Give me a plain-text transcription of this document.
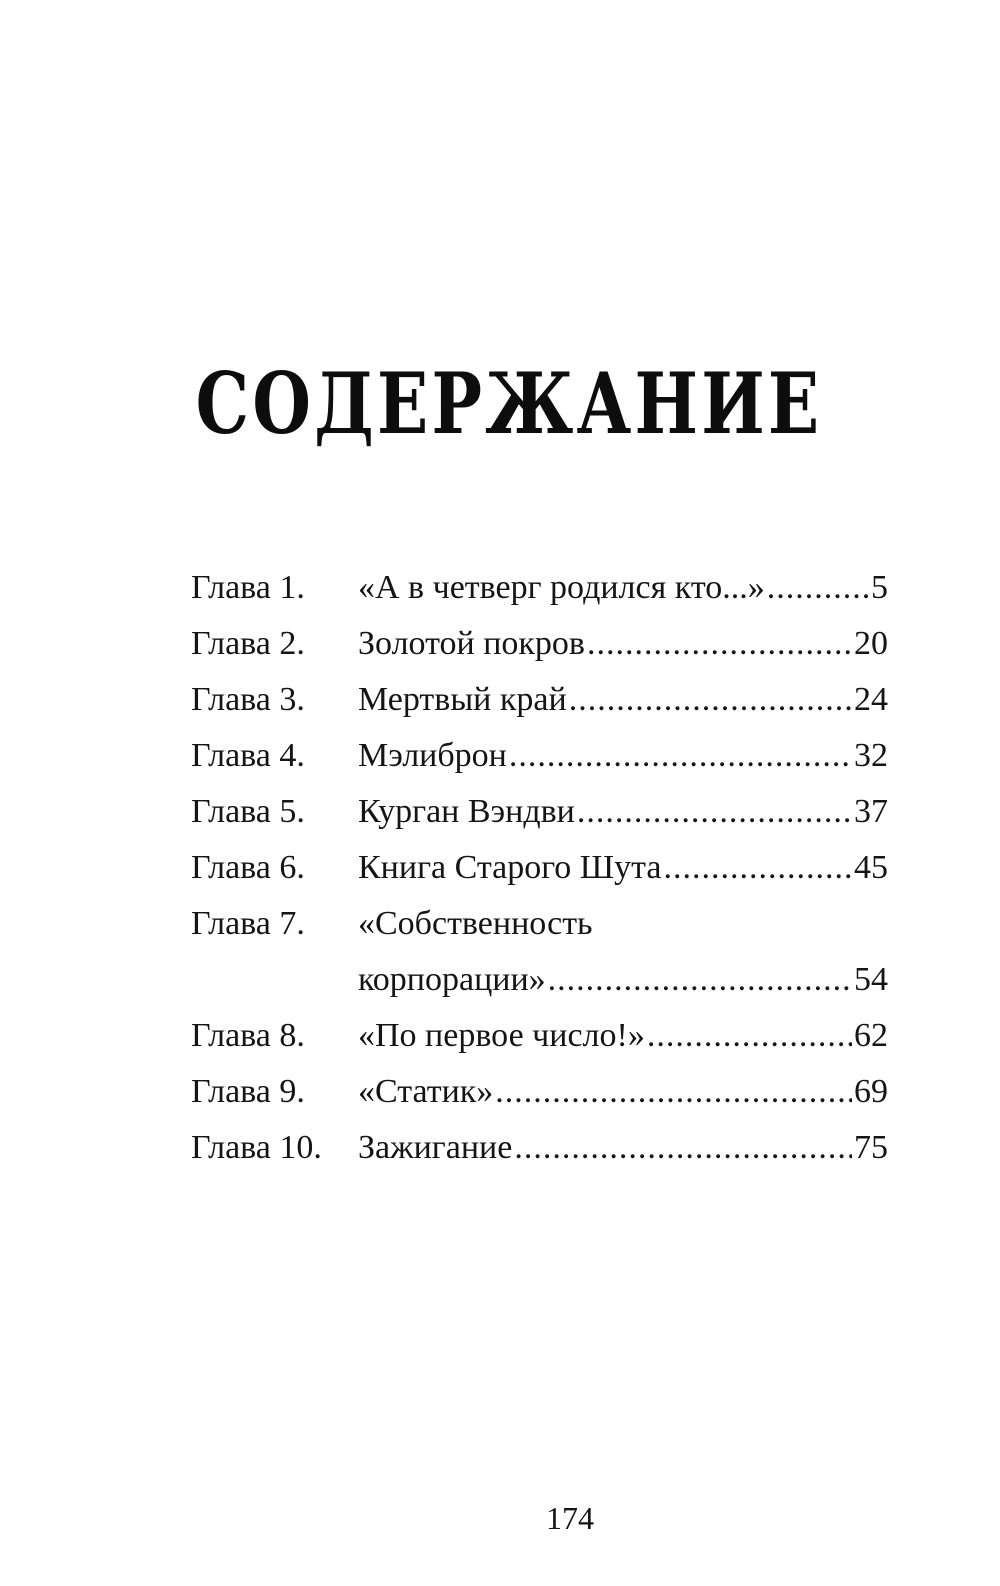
СОДЕРЖАНИЕ
Глава 1.	«А в четверг родился кто...» .....	5
Глава 2.	Золотой покров .....	20
Глава 3.	Мертвый край .....	24
Глава 4.	Мэлиброн .....	32
Глава 5.	Курган Вэндви .....	37
Глава 6.	Книга Старого Шута .....	45
Глава 7.	«Собственность
корпорации» .....	54
Глава 8.	«По первое число!» .....	62
Глава 9.	«Статик» .....	69
Глава 10.	Зажигание .....	75
174
